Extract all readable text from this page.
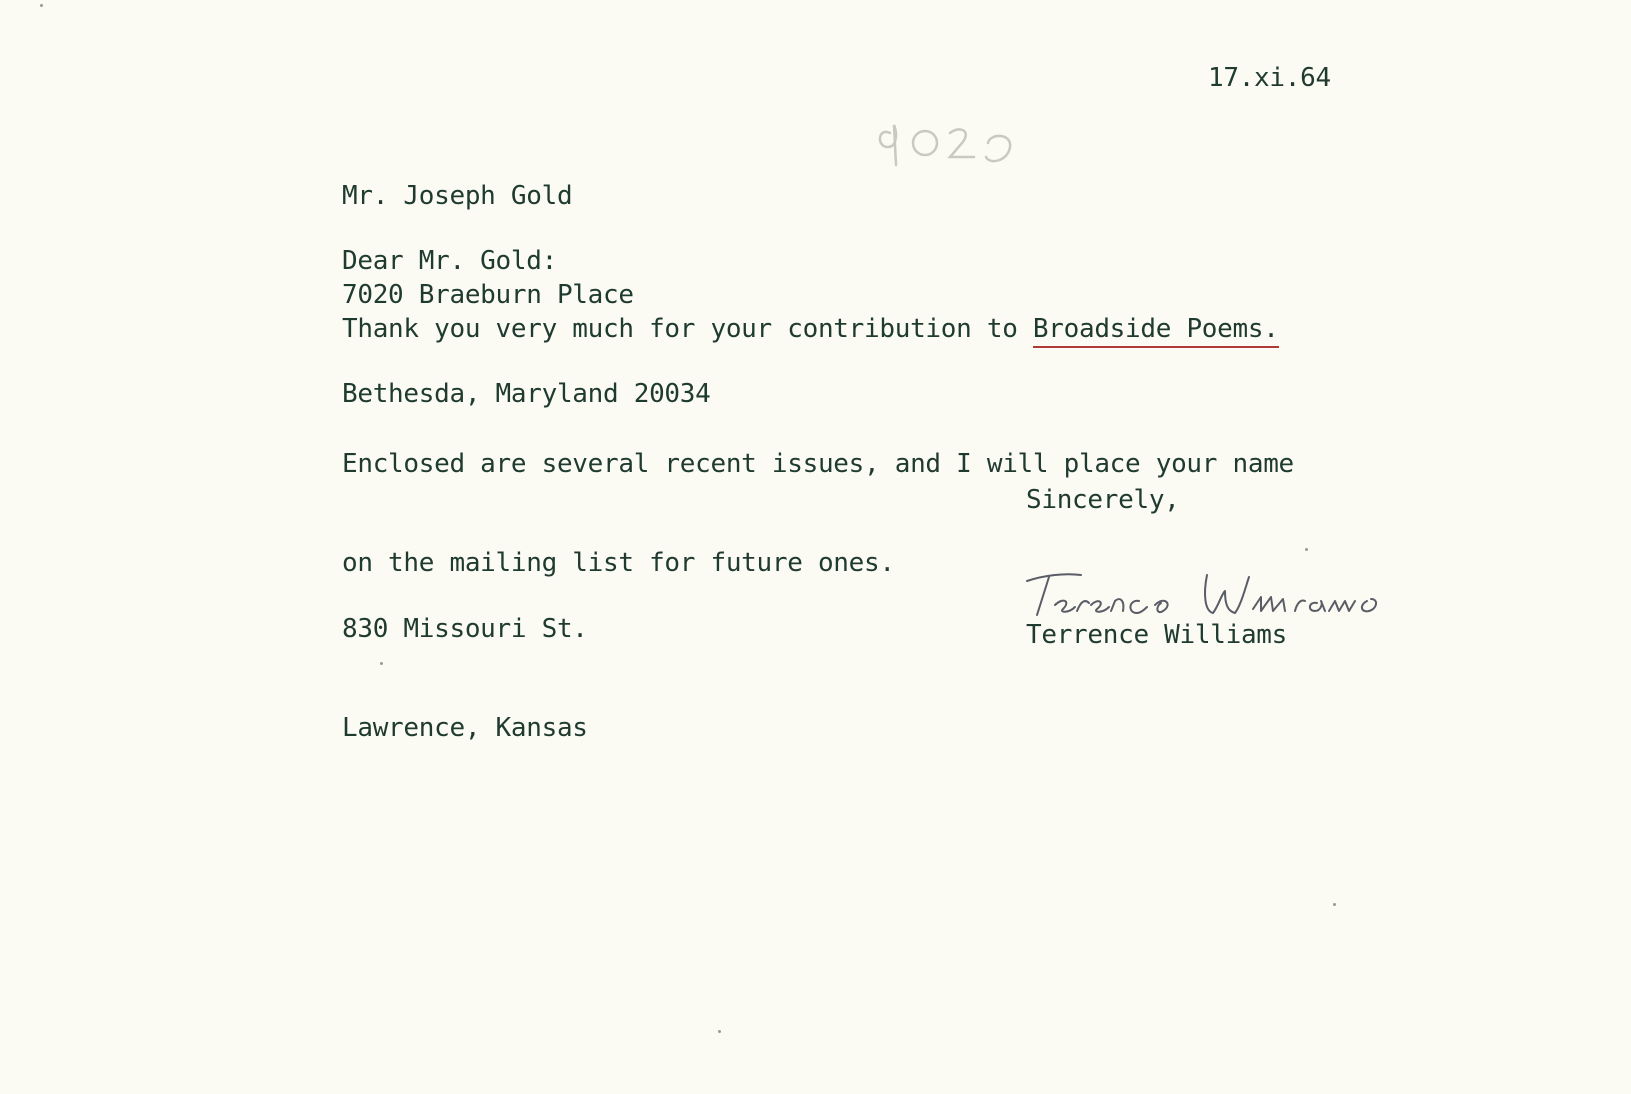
17.xi.64

Mr. Joseph Gold

7020 Braeburn Place

Bethesda, Maryland 20034

Dear Mr. Gold:
Thank you very much for your contribution to Broadside Poems.

Enclosed are several recent issues, and I will place your name

on the mailing list for future ones.

Sincerely,

830 Missouri St.

Lawrence, Kansas

Terrence Williams
